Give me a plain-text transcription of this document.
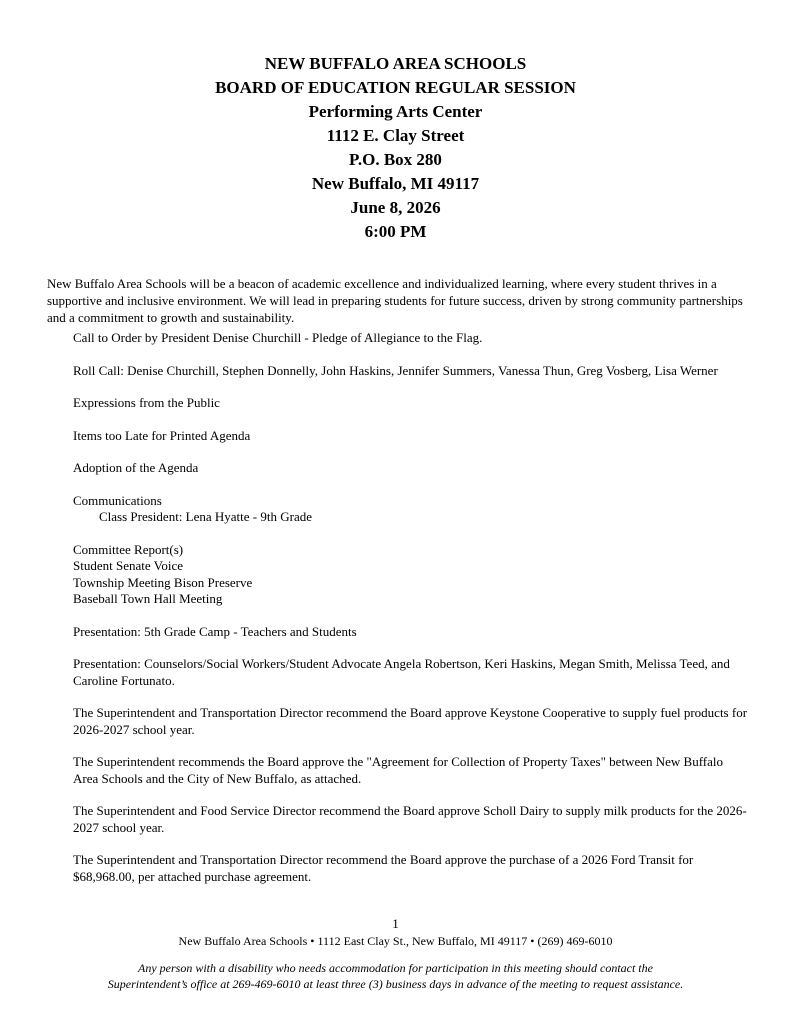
NEW BUFFALO AREA SCHOOLS
BOARD OF EDUCATION REGULAR SESSION
Performing Arts Center
1112 E. Clay Street
P.O. Box 280
New Buffalo, MI 49117
June 8, 2026
6:00 PM

New Buffalo Area Schools will be a beacon of academic excellence and individualized learning, where every student thrives in a supportive and inclusive environment. We will lead in preparing students for future success, driven by strong community partnerships and a commitment to growth and sustainability.

Call to Order by President Denise Churchill - Pledge of Allegiance to the Flag.
Roll Call: Denise Churchill, Stephen Donnelly, John Haskins, Jennifer Summers, Vanessa Thun, Greg Vosberg, Lisa Werner
Expressions from the Public
Items too Late for Printed Agenda
Adoption of the Agenda
Communications
Class President: Lena Hyatte - 9th Grade
Committee Report(s)
Student Senate Voice
Township Meeting Bison Preserve
Baseball Town Hall Meeting
Presentation: 5th Grade Camp - Teachers and Students
Presentation: Counselors/Social Workers/Student Advocate Angela Robertson, Keri Haskins, Megan Smith, Melissa Teed, and Caroline Fortunato.
The Superintendent and Transportation Director recommend the Board approve Keystone Cooperative to supply fuel products for 2026-2027 school year.
The Superintendent recommends the Board approve the "Agreement for Collection of Property Taxes" between New Buffalo Area Schools and the City of New Buffalo, as attached.
The Superintendent and Food Service Director recommend the Board approve Scholl Dairy to supply milk products for the 2026-2027 school year.
The Superintendent and Transportation Director recommend the Board approve the purchase of a 2026 Ford Transit for $68,968.00, per attached purchase agreement.
1
New Buffalo Area Schools • 1112 East Clay St., New Buffalo, MI 49117 • (269) 469-6010
Any person with a disability who needs accommodation for participation in this meeting should contact the
Superintendent’s office at 269-469-6010 at least three (3) business days in advance of the meeting to request assistance.
